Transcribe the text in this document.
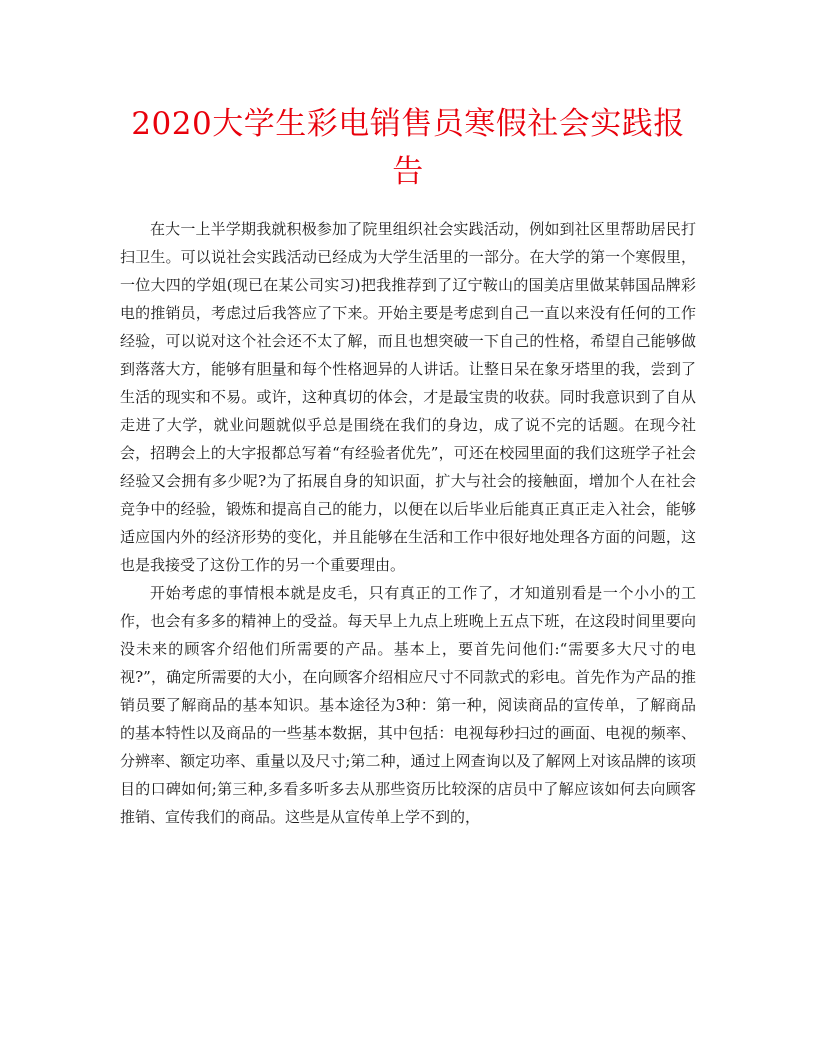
2020大学生彩电销售员寒假社会实践报告

在大一上半学期我就积极参加了院里组织社会实践活动，例如到社区里帮助居民打扫卫生。可以说社会实践活动已经成为大学生活里的一部分。在大学的第一个寒假里，一位大四的学姐(现已在某公司实习)把我推荐到了辽宁鞍山的国美店里做某韩国品牌彩电的推销员，考虑过后我答应了下来。开始主要是考虑到自己一直以来没有任何的工作经验，可以说对这个社会还不太了解，而且也想突破一下自己的性格，希望自己能够做到落落大方，能够有胆量和每个性格迥异的人讲话。让整日呆在象牙塔里的我，尝到了生活的现实和不易。或许，这种真切的体会，才是最宝贵的收获。同时我意识到了自从走进了大学，就业问题就似乎总是围绕在我们的身边，成了说不完的话题。在现今社会，招聘会上的大字报都总写着“有经验者优先”，可还在校园里面的我们这班学子社会经验又会拥有多少呢?为了拓展自身的知识面，扩大与社会的接触面，增加个人在社会竞争中的经验，锻炼和提高自己的能力，以便在以后毕业后能真正真正走入社会，能够适应国内外的经济形势的变化，并且能够在生活和工作中很好地处理各方面的问题，这也是我接受了这份工作的另一个重要理由。

开始考虑的事情根本就是皮毛，只有真正的工作了，才知道别看是一个小小的工作，也会有多多的精神上的受益。每天早上九点上班晚上五点下班，在这段时间里要向没未来的顾客介绍他们所需要的产品。基本上，要首先问他们:“需要多大尺寸的电视?”，确定所需要的大小，在向顾客介绍相应尺寸不同款式的彩电。首先作为产品的推销员要了解商品的基本知识。基本途径为3种：第一种，阅读商品的宣传单，了解商品的基本特性以及商品的一些基本数据，其中包括：电视每秒扫过的画面、电视的频率、分辨率、额定功率、重量以及尺寸;第二种，通过上网查询以及了解网上对该品牌的该项目的口碑如何;第三种,多看多听多去从那些资历比较深的店员中了解应该如何去向顾客推销、宣传我们的商品。这些是从宣传单上学不到的，
